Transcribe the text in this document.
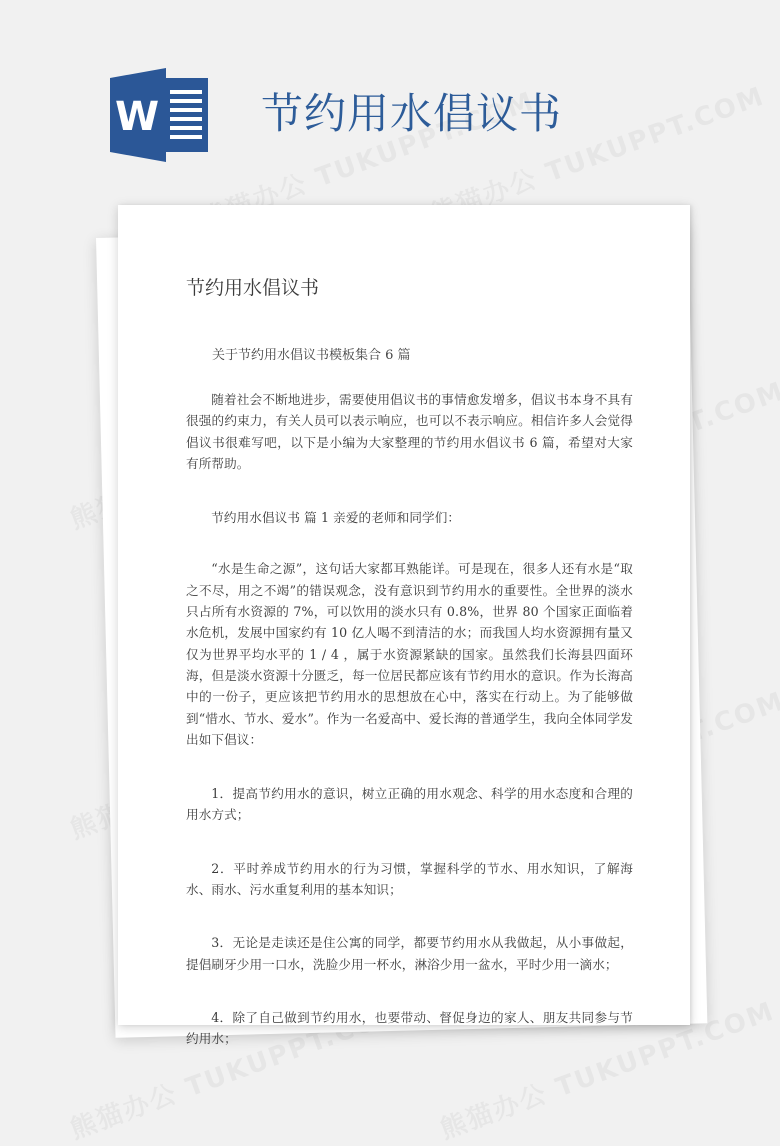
W 节约用水倡议书
节约用水倡议书

关于节约用水倡议书模板集合 6 篇

随着社会不断地进步，需要使用倡议书的事情愈发增多，倡议书本身不具有很强的约束力，有关人员可以表示响应，也可以不表示响应。相信许多人会觉得倡议书很难写吧，以下是小编为大家整理的节约用水倡议书 6 篇，希望对大家有所帮助。

节约用水倡议书 篇 1 亲爱的老师和同学们：

“水是生命之源”，这句话大家都耳熟能详。可是现在，很多人还有水是“取之不尽，用之不竭”的错误观念，没有意识到节约用水的重要性。全世界的淡水只占所有水资源的 7%，可以饮用的淡水只有 0.8%，世界 80 个国家正面临着水危机，发展中国家约有 10 亿人喝不到清洁的水；而我国人均水资源拥有量又仅为世界平均水平的 1 / 4 ，属于水资源紧缺的国家。虽然我们长海县四面环海，但是淡水资源十分匮乏，每一位居民都应该有节约用水的意识。作为长海高中的一份子，更应该把节约用水的思想放在心中，落实在行动上。为了能够做到“惜水、节水、爱水”。作为一名爱高中、爱长海的普通学生，我向全体同学发出如下倡议：

1．提高节约用水的意识，树立正确的用水观念、科学的用水态度和合理的用水方式；

2．平时养成节约用水的行为习惯，掌握科学的节水、用水知识，了解海水、雨水、污水重复利用的基本知识；

3．无论是走读还是住公寓的同学，都要节约用水从我做起，从小事做起，提倡刷牙少用一口水，洗脸少用一杯水，淋浴少用一盆水，平时少用一滴水；

4．除了自己做到节约用水，也要带动、督促身边的家人、朋友共同参与节约用水；
